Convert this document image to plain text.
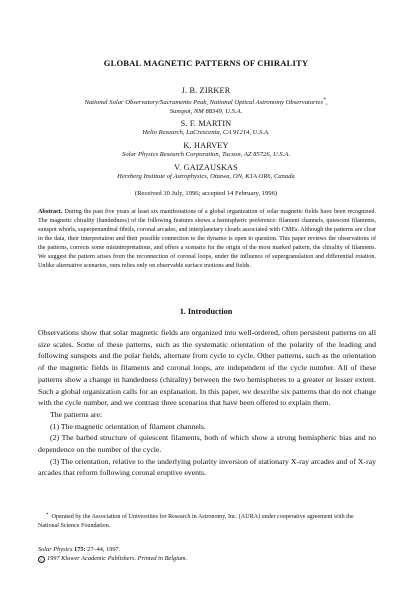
GLOBAL MAGNETIC PATTERNS OF CHIRALITY
J. B. ZIRKER
National Solar Observatory/Sacramento Peak, National Optical Astronomy Observatories*,
Sunspot, NM 88349, U.S.A.
S. F. MARTIN
Helio Research, LaCrescenta, CA 91214, U.S.A.
K. HARVEY
Solar Physics Research Corporation, Tucson, AZ 85726, U.S.A.
V. GAIZAUSKAS
Herzberg Institute of Astrophysics, Ottawa, ON, K1A OR6, Canada
(Received 30 July, 1996; accepted 14 February, 1996)
Abstract. During the past five years at least six manifestations of a global organization of solar magnetic fields have been recognized. The magnetic chirality (handedness) of the following features shows a hemispheric preference: filament channels, quiescent filaments, sunspot whorls, superpenumbral fibrils, coronal arcades, and interplanetary clouds associated with CMEs. Although the patterns are clear in the data, their interpretation and their possible connection to the dynamo is open to question. This paper reviews the observations of the patterns, corrects some misinterpretations, and offers a scenario for the origin of the most marked pattern, the chirality of filaments. We suggest the pattern arises from the reconnection of coronal loops, under the influence of supergranulation and differential rotation. Unlike alternative scenarios, ours relies only on observable surface motions and fields.
1. Introduction

Observations show that solar magnetic fields are organized into well-ordered, often persistent patterns on all size scales. Some of these patterns, such as the systematic orientation of the polarity of the leading and following sunspots and the polar fields, alternate from cycle to cycle. Other patterns, such as the orientation of the magnetic fields in filaments and coronal loops, are independent of the cycle number. All of these patterns show a change in handedness (chirality) between the two hemispheres to a greater or lesser extent. Such a global organization calls for an explanation. In this paper, we describe six patterns that do not change with the cycle number, and we contrast three scenarios that have been offered to explain them.

The patterns are:

(1) The magnetic orientation of filament channels.

(2) The barbed structure of quiescent filaments, both of which show a strong hemispheric bias and no dependence on the number of the cycle.

(3) The orientation, relative to the underlying polarity inversion of stationary X-ray arcades and of X-ray arcades that reform following coronal eruptive events.

* Operated by the Association of Universities for Research in Astronomy, Inc. (AURA) under cooperative agreement with the National Science Foundation.
Solar Physics 175: 27–44, 1997.
c 1997 Kluwer Academic Publishers. Printed in Belgium.
